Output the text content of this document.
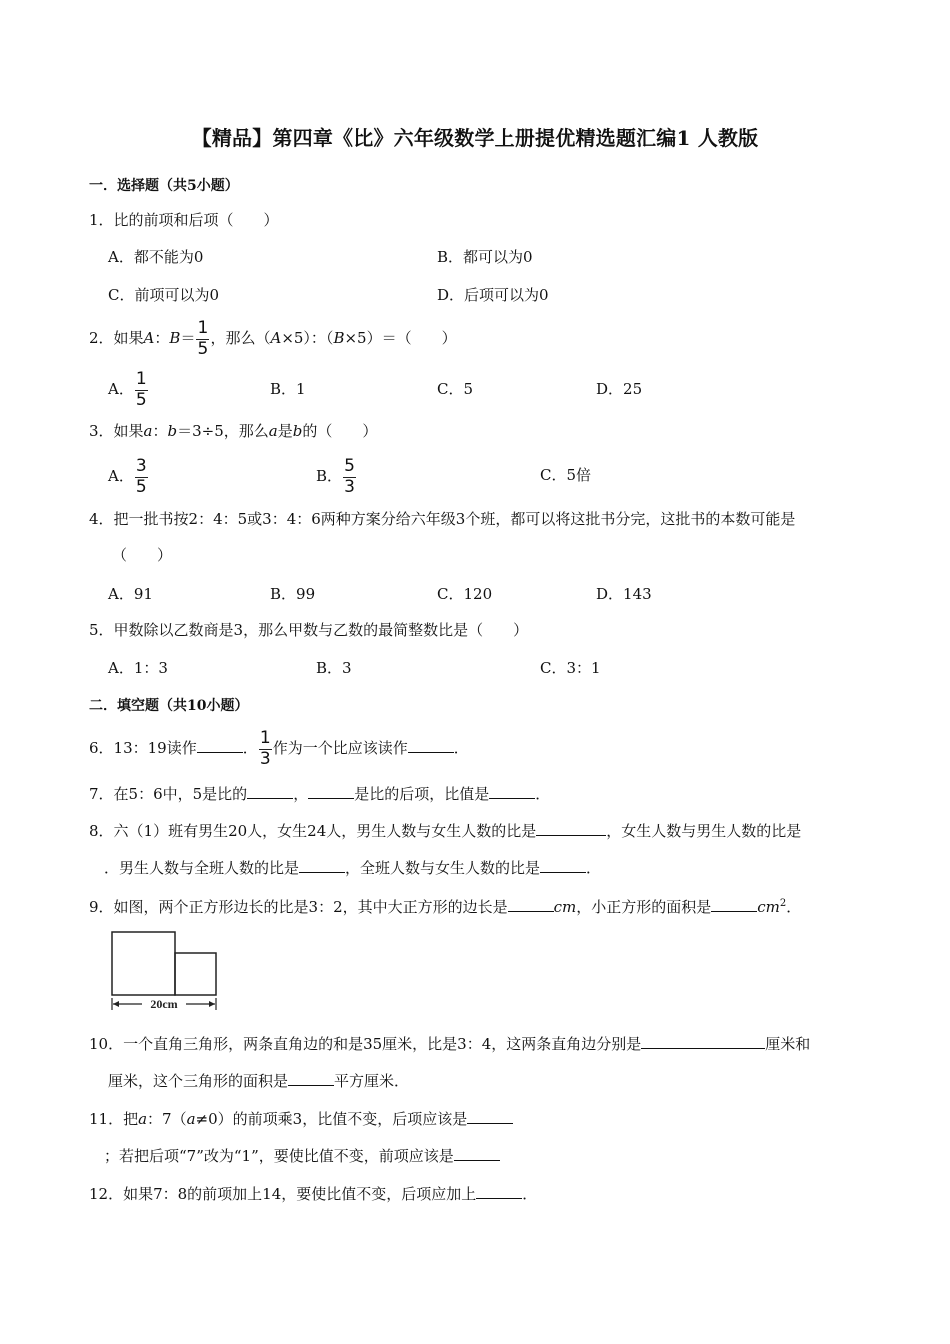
【精品】第四章《比》六年级数学上册提优精选题汇编1 人教版
一．选择题（共5小题）
1．比的前项和后项（　　）
A．都不能为0	B．都可以为0
C．前项可以为0	D．后项可以为0
2．如果A：$B= \frac{1}{5}$ ，那么（A×5）：（B×5）＝（　　）
A． $\frac{1}{5}$	B．1	C．5	D．25
3．如果a：b＝3÷5，那么a是b的（　　）
A． $\frac{3}{5}$	B． $\frac{5}{3}$	C．5倍
4．把一批书按2：4：5或3：4：6两种方案分给六年级3个班，都可以将这批书分完，这批书的本数可能是
（　　）
A．91	B．99	C．120	D．143
5．甲数除以乙数商是3，那么甲数与乙数的最简整数比是（　　）
A．1：3	B．3	C．3：1
二．填空题（共10小题）
6．13：19读作	． $\frac{1}{3}$ 作为一个比应该读作	．
7．在5：6中，5是比的	，	是比的后项，比值是	．
8．六（1）班有男生20人，女生24人，男生人数与女生人数的比是	，女生人数与男生人数的比是
．男生人数与全班人数的比是	，全班人数与女生人数的比是	．
9．如图，两个正方形边长的比是3：2，其中大正方形的边长是	cm，小正方形的面积是	$cm^2$．
20cm
10．一个直角三角形，两条直角边的和是35厘米，比是3：4，这两条直角边分别是	厘米和
厘米，这个三角形的面积是	平方厘米．
11．把a：7（a≠0）的前项乘3，比值不变，后项应该是
；若把后项“7”改为“1”，要使比值不变，前项应该是
12．如果7：8的前项加上14，要使比值不变，后项应加上	．
